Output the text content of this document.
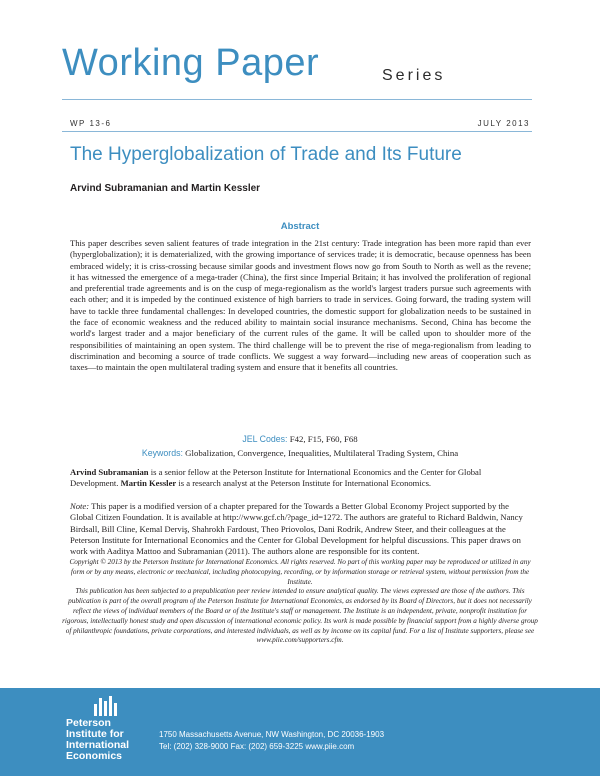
Working Paper	Series
WP 13-6	JULY 2013
The Hyperglobalization of Trade and Its Future
Arvind Subramanian and Martin Kessler
Abstract
This paper describes seven salient features of trade integration in the 21st century: Trade integration has been more rapid than ever (hyperglobalization); it is dematerialized, with the growing importance of services trade; it is democratic, because openness has been embraced widely; it is criss-crossing because similar goods and investment flows now go from South to North as well as the revene; it has witnessed the emergence of a mega-trader (China), the first since Imperial Britain; it has involved the proliferation of regional and preferential trade agreements and is on the cusp of mega-regionalism as the world's largest traders pursue such agreements with each other; and it is impeded by the continued existence of high barriers to trade in services. Going forward, the trading system will have to tackle three fundamental challenges: In developed countries, the domestic support for globalization needs to be sustained in the face of economic weakness and the reduced ability to maintain social insurance mechanisms. Second, China has become the world's largest trader and a major beneficiary of the current rules of the game. It will be called upon to shoulder more of the responsibilities of maintaining an open system. The third challenge will be to prevent the rise of mega-regionalism from leading to discrimination and becoming a source of trade conflicts. We suggest a way forward—including new areas of cooperation such as taxes—to maintain the open multilateral trading system and ensure that it benefits all countries.
JEL Codes: F42, F15, F60, F68
Keywords: Globalization, Convergence, Inequalities, Multilateral Trading System, China
Arvind Subramanian is a senior fellow at the Peterson Institute for International Economics and the Center for Global Development. Martin Kessler is a research analyst at the Peterson Institute for International Economics.
Note: This paper is a modified version of a chapter prepared for the Towards a Better Global Economy Project supported by the Global Citizen Foundation. It is available at http://www.gcf.ch/?page_id=1272. The authors are grateful to Richard Baldwin, Nancy Birdsall, Bill Cline, Kemal Derviş, Shahrokh Fardoust, Theo Priovolos, Dani Rodrik, Andrew Steer, and their colleagues at the Peterson Institute for International Economics and the Center for Global Development for helpful discussions. This paper draws on work with Aaditya Mattoo and Subramanian (2011). The authors alone are responsible for its content.
Copyright © 2013 by the Peterson Institute for International Economics. All rights reserved. No part of this working paper may be reproduced or utilized in any form or by any means, electronic or mechanical, including photocopying, recording, or by information storage or retrieval system, without permission from the Institute.
This publication has been subjected to a prepublication peer review intended to ensure analytical quality. The views expressed are those of the authors. This publication is part of the overall program of the Peterson Institute for International Economics, as endorsed by its Board of Directors, but it does not necessarily reflect the views of individual members of the Board or of the Institute's staff or management. The Institute is an independent, private, nonprofit institution for rigorous, intellectually honest study and open discussion of international economic policy. Its work is made possible by financial support from a highly diverse group of philanthropic foundations, private corporations, and interested individuals, as well as by income on its capital fund. For a list of Institute supporters, please see www.piie.com/supporters.cfm.
Peterson
Institute for
International
Economics
1750 Massachusetts Avenue, NW Washington, DC 20036-1903
Tel: (202) 328-9000 Fax: (202) 659-3225 www.piie.com
